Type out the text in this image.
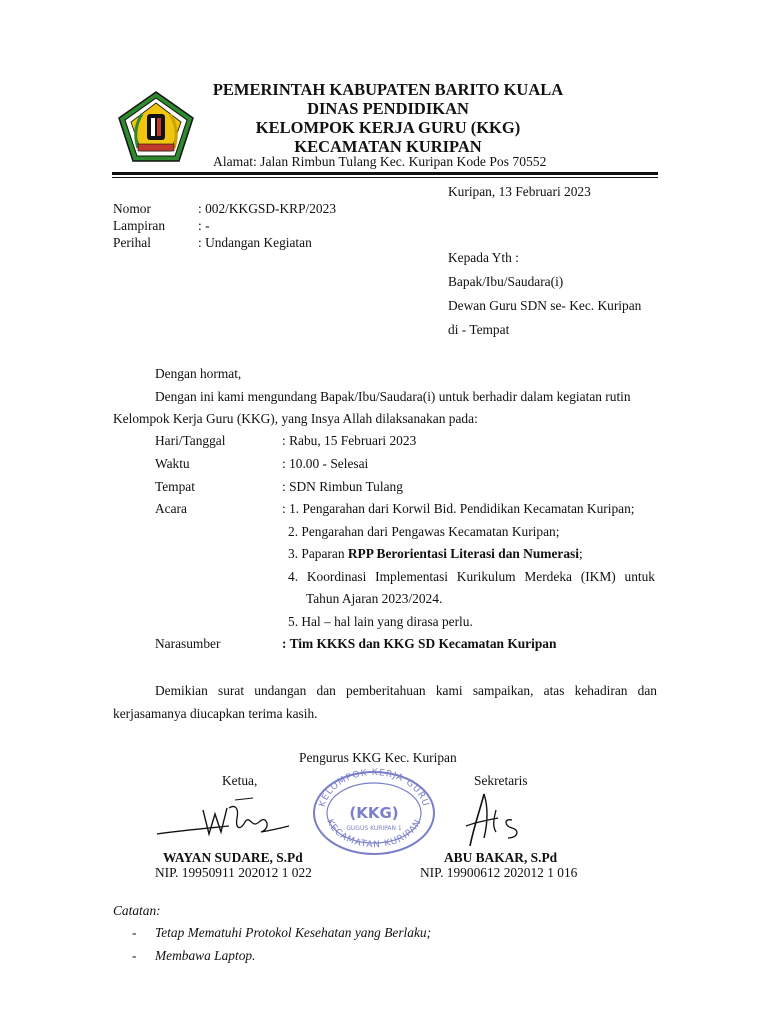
PEMERINTAH KABUPATEN BARITO KUALA
DINAS PENDIDIKAN
KELOMPOK KERJA GURU (KKG)
KECAMATAN KURIPAN
Alamat: Jalan Rimbun Tulang Kec. Kuripan Kode Pos 70552
Kuripan, 13 Februari 2023
Nomor	: 002/KKGSD-KRP/2023
Lampiran : -
Perihal	: Undangan Kegiatan
Kepada Yth :
Bapak/Ibu/Saudara(i)
Dewan Guru SDN se- Kec. Kuripan
di - Tempat
Dengan hormat,
Dengan ini kami mengundang Bapak/Ibu/Saudara(i) untuk berhadir dalam kegiatan rutin
Kelompok Kerja Guru (KKG), yang Insya Allah dilaksanakan pada:
Hari/Tanggal	: Rabu, 15 Februari 2023
Waktu	: 10.00 - Selesai
Tempat	: SDN Rimbun Tulang
Acara	: 1. Pengarahan dari Korwil Bid. Pendidikan Kecamatan Kuripan;
2. Pengarahan dari Pengawas Kecamatan Kuripan;
3. Paparan RPP Berorientasi Literasi dan Numerasi;
4. Koordinasi Implementasi Kurikulum Merdeka (IKM) untuk
Tahun Ajaran 2023/2024.
5. Hal – hal lain yang dirasa perlu.
Narasumber	: Tim KKKS dan KKG SD Kecamatan Kuripan
Demikian surat undangan dan pemberitahuan kami sampaikan, atas kehadiran dan
kerjasamanya diucapkan terima kasih.
Pengurus KKG Kec. Kuripan
Ketua,	Sekretaris
KELOMPOK KERJA GURU
KECAMATAN KURIPAN
(KKG)
GUGUS KURIPAN 1
WAYAN SUDARE, S.Pd
NIP. 19950911 202012 1 022
ABU BAKAR, S.Pd
NIP. 19900612 202012 1 016
Catatan:
- Tetap Mematuhi Protokol Kesehatan yang Berlaku;
- Membawa Laptop.
